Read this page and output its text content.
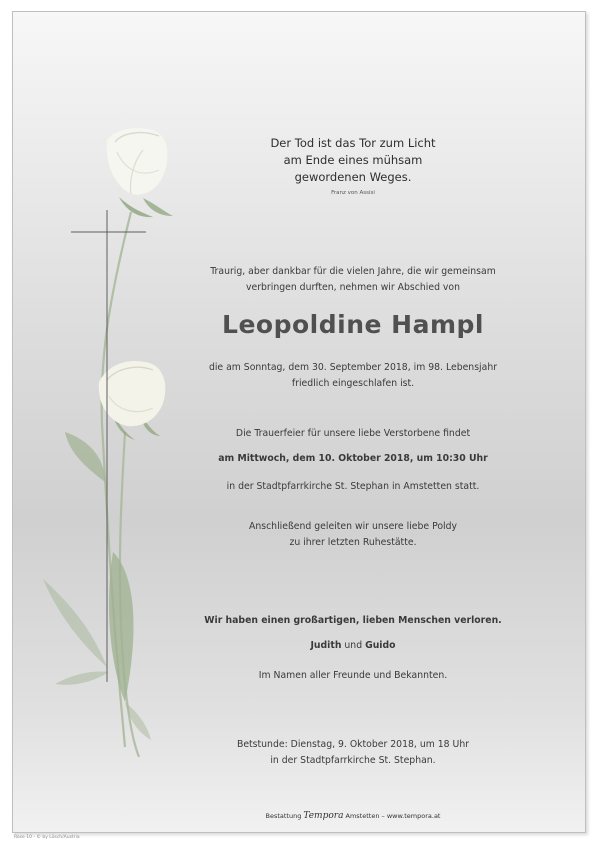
Der Tod ist das Tor zum Licht
am Ende eines mühsam
gewordenen Weges.
Franz von Assisi
Traurig, aber dankbar für die vielen Jahre, die wir gemeinsam
verbringen durften, nehmen wir Abschied von
Leopoldine Hampl
die am Sonntag, dem 30. September 2018, im 98. Lebensjahr
friedlich eingeschlafen ist.
Die Trauerfeier für unsere liebe Verstorbene findet
am Mittwoch, dem 10. Oktober 2018, um 10:30 Uhr
in der Stadtpfarrkirche St. Stephan in Amstetten statt.
Anschließend geleiten wir unsere liebe Poldy
zu ihrer letzten Ruhestätte.
Wir haben einen großartigen, lieben Menschen verloren.
Judith und Guido
Im Namen aller Freunde und Bekannten.
Betstunde: Dienstag, 9. Oktober 2018, um 18 Uhr
in der Stadtpfarrkirche St. Stephan.
Bestattung Tempora Amstetten – www.tempora.at
Rose 10 - © by Lösch/Austria
